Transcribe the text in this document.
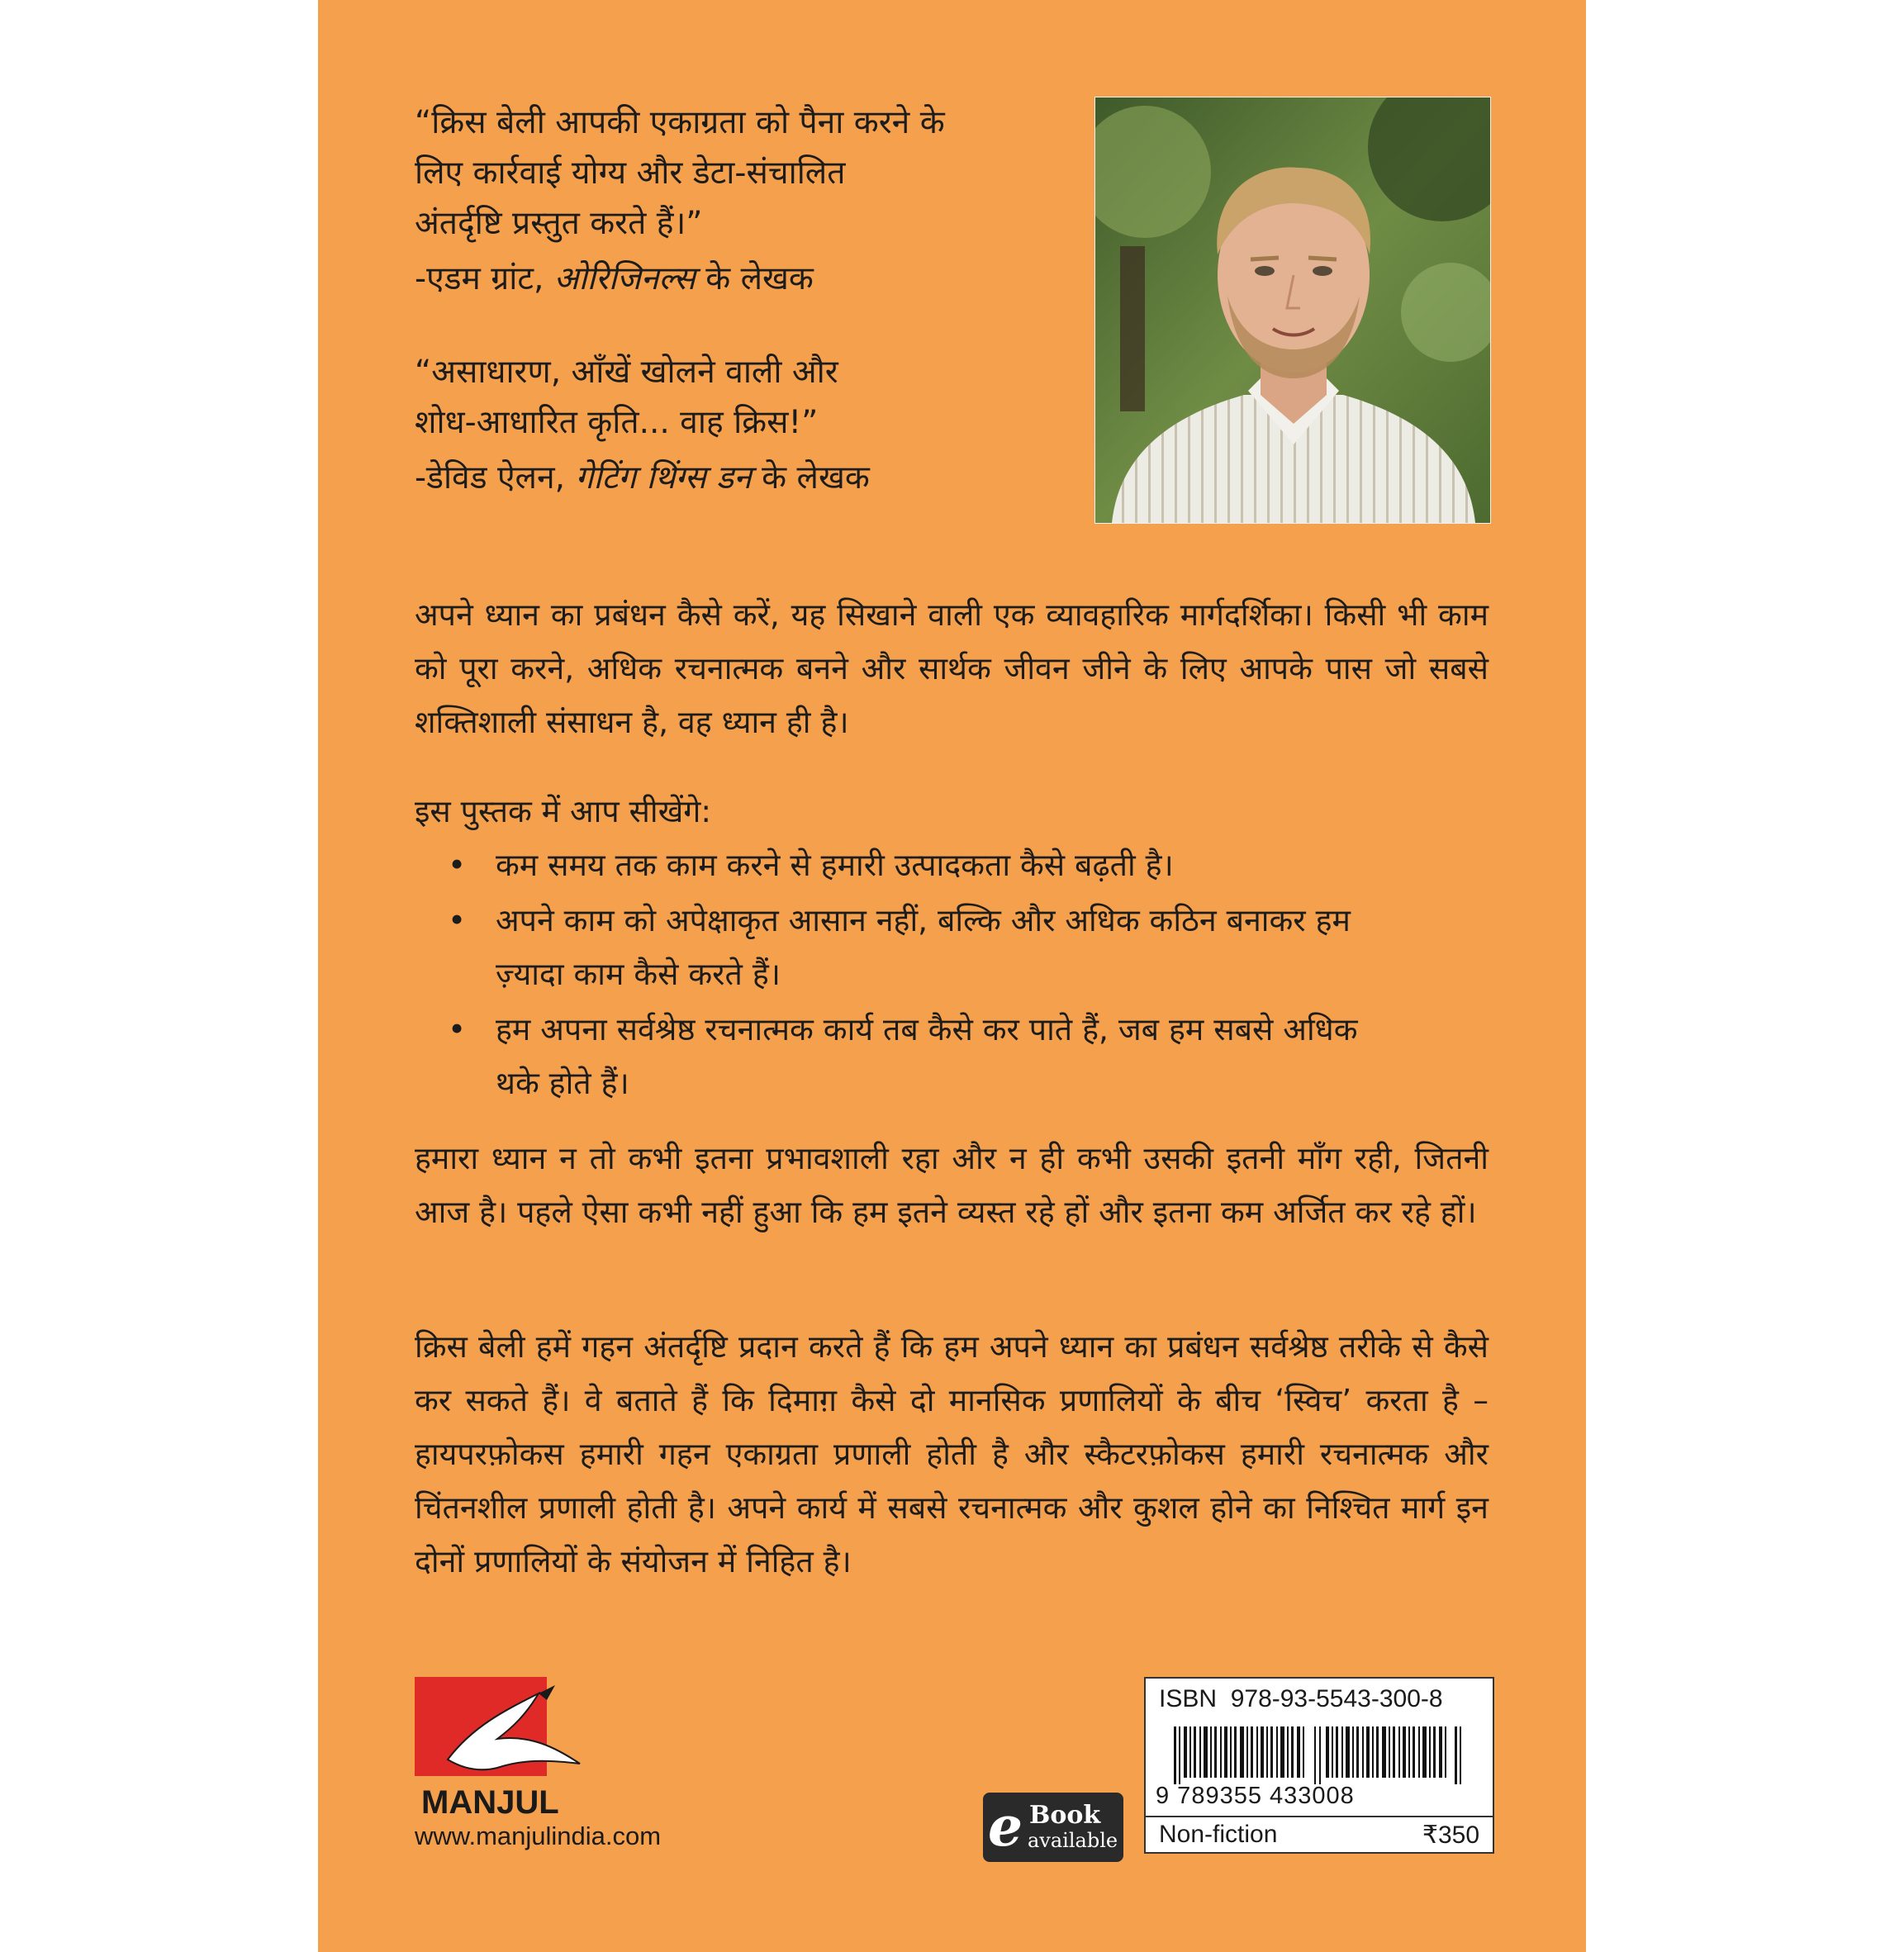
“क्रिस बेली आपकी एकाग्रता को पैना करने के

लिए कार्रवाई योग्य और डेटा-संचालित

अंतर्दृष्टि प्रस्तुत करते हैं।”

-एडम ग्रांट, ओरिजिनल्स के लेखक

“असाधारण, आँखें खोलने वाली और

शोध-आधारित कृति... वाह क्रिस!”

-डेविड ऐलन, गेटिंग थिंग्स डन के लेखक

अपने ध्यान का प्रबंधन कैसे करें, यह सिखाने वाली एक व्यावहारिक मार्गदर्शिका। किसी भी काम को पूरा करने, अधिक रचनात्मक बनने और सार्थक जीवन जीने के लिए आपके पास जो सबसे शक्तिशाली संसाधन है, वह ध्यान ही है।

इस पुस्तक में आप सीखेंगे:

• कम समय तक काम करने से हमारी उत्पादकता कैसे बढ़ती है।
• अपने काम को अपेक्षाकृत आसान नहीं, बल्कि और अधिक कठिन बनाकर हम ज़्यादा काम कैसे करते हैं।
• हम अपना सर्वश्रेष्ठ रचनात्मक कार्य तब कैसे कर पाते हैं, जब हम सबसे अधिक थके होते हैं।

हमारा ध्यान न तो कभी इतना प्रभावशाली रहा और न ही कभी उसकी इतनी माँग रही, जितनी आज है। पहले ऐसा कभी नहीं हुआ कि हम इतने व्यस्त रहे हों और इतना कम अर्जित कर रहे हों।

क्रिस बेली हमें गहन अंतर्दृष्टि प्रदान करते हैं कि हम अपने ध्यान का प्रबंधन सर्वश्रेष्ठ तरीके से कैसे कर सकते हैं। वे बताते हैं कि दिमाग़ कैसे दो मानसिक प्रणालियों के बीच ‘स्विच’ करता है – हायपरफ़ोकस हमारी गहन एकाग्रता प्रणाली होती है और स्कैटरफ़ोकस हमारी रचनात्मक और चिंतनशील प्रणाली होती है। अपने कार्य में सबसे रचनात्मक और कुशल होने का निश्चित मार्ग इन दोनों प्रणालियों के संयोजन में निहित है।

MANJUL
www.manjulindia.com	e Book
available
ISBN 978-93-5543-300-8
9 789355 433008
Non-fiction	₹350
